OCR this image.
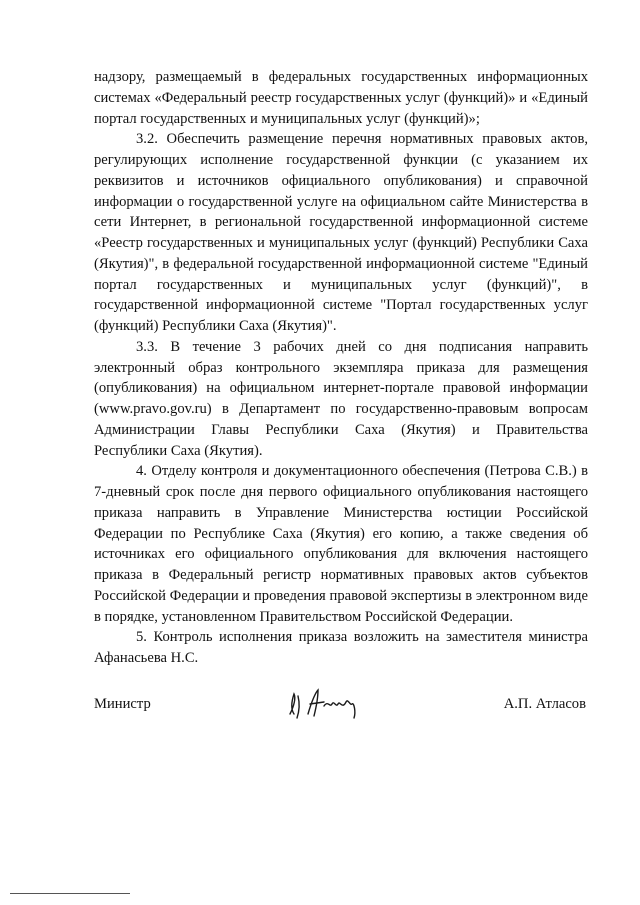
надзору, размещаемый в федеральных государственных информационных системах «Федеральный реестр государственных услуг (функций)» и «Единый портал государственных и муниципальных услуг (функций)»;

3.2. Обеспечить размещение перечня нормативных правовых актов, регулирующих исполнение государственной функции (с указанием их реквизитов и источников официального опубликования) и справочной информации о государственной услуге на официальном сайте Министерства в сети Интернет, в региональной государственной информационной системе «Реестр государственных и муниципальных услуг (функций) Республики Саха (Якутия)", в федеральной государственной информационной системе "Единый портал государственных и муниципальных услуг (функций)", в государственной информационной системе "Портал государственных услуг (функций) Республики Саха (Якутия)".

3.3. В течение 3 рабочих дней со дня подписания направить электронный образ контрольного экземпляра приказа для размещения (опубликования) на официальном интернет-портале правовой информации (www.pravo.gov.ru) в Департамент по государственно-правовым вопросам Администрации Главы Республики Саха (Якутия) и Правительства Республики Саха (Якутия).

4. Отделу контроля и документационного обеспечения (Петрова С.В.) в 7-дневный срок после дня первого официального опубликования настоящего приказа направить в Управление Министерства юстиции Российской Федерации по Республике Саха (Якутия) его копию, а также сведения об источниках его официального опубликования для включения настоящего приказа в Федеральный регистр нормативных правовых актов субъектов Российской Федерации и проведения правовой экспертизы в электронном виде в порядке, установленном Правительством Российской Федерации.

5. Контроль исполнения приказа возложить на заместителя министра Афанасьева Н.С.

Министр	А.П. Атласов
